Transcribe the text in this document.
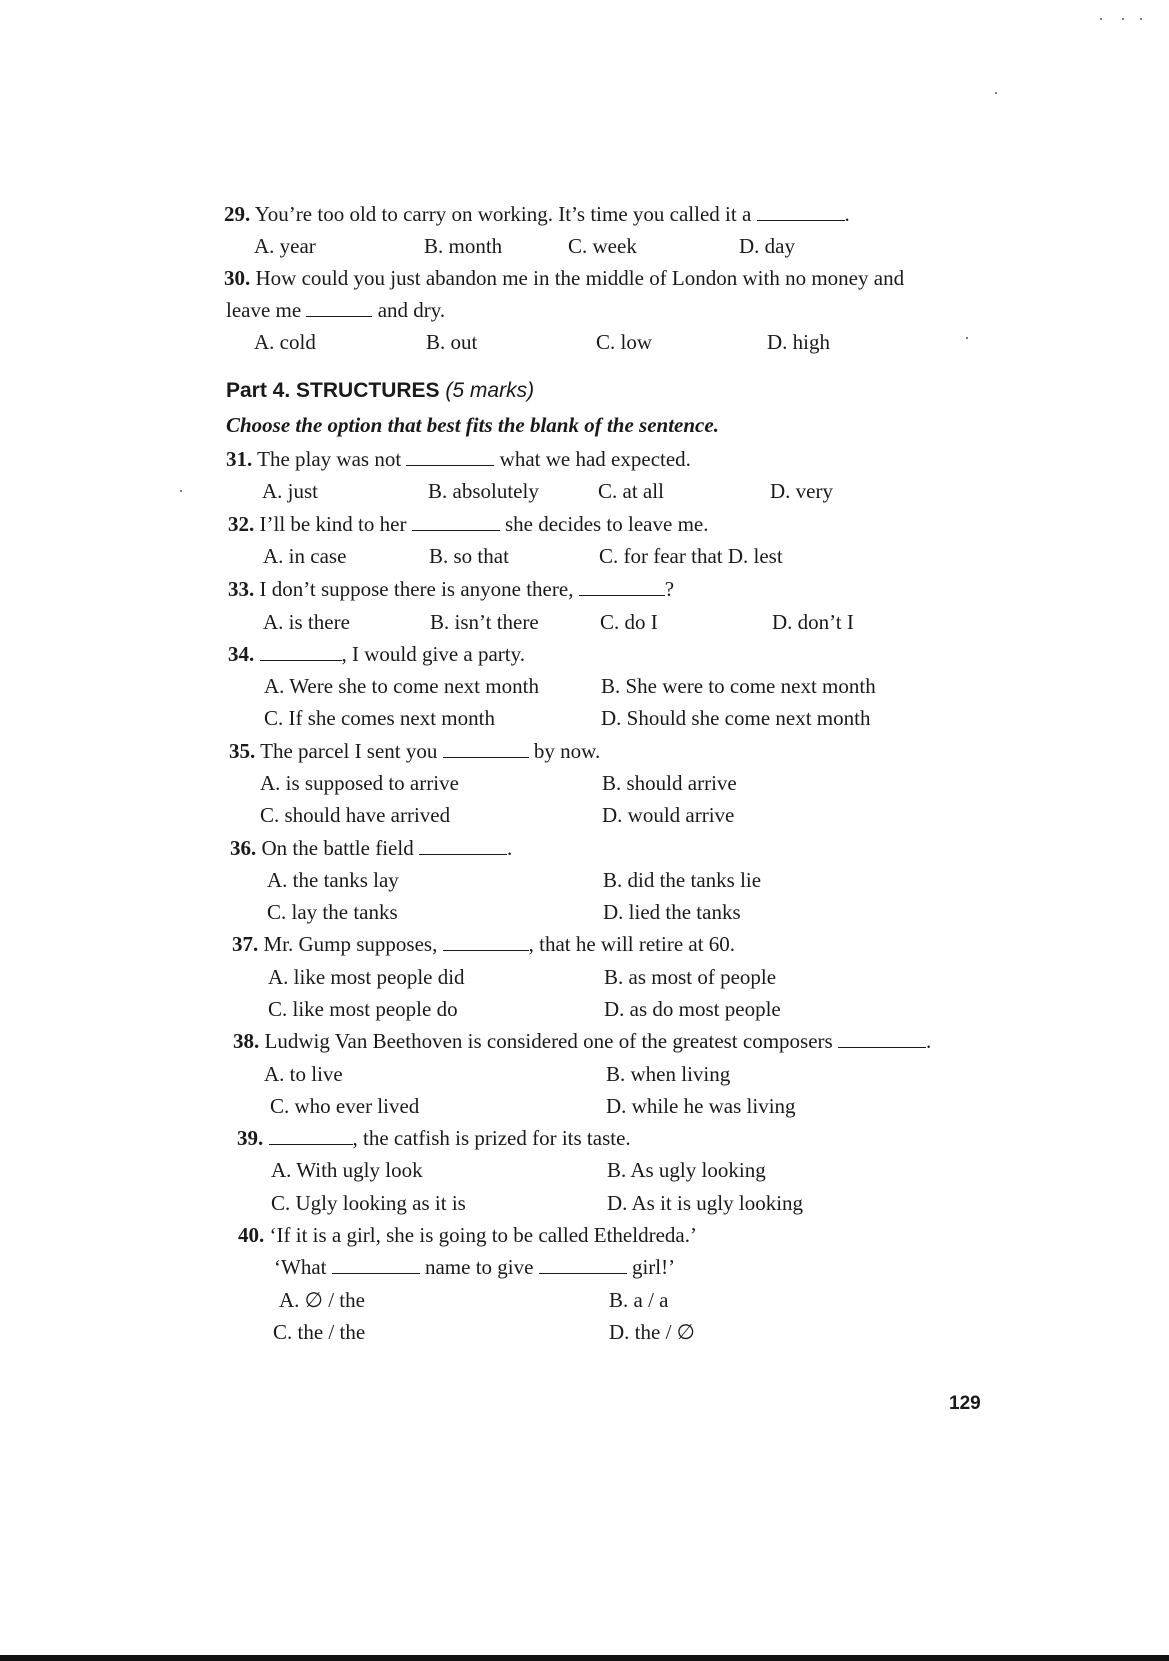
29. You’re too old to carry on working. It’s time you called it a	.
A. year	B. month	C. week	D. day
30. How could you just abandon me in the middle of London with no money and
leave me	and dry.
A. cold	B. out	C. low	D. high
Part 4. STRUCTURES (5 marks)
Choose the option that best fits the blank of the sentence.
31. The play was not	what we had expected.
A. just	B. absolutely	C. at all	D. very
32. I’ll be kind to her	she decides to leave me.
A. in case	B. so that	C. for fear that D. lest
33. I don’t suppose there is anyone there,	?
A. is there	B. isn’t there	C. do I	D. don’t I
34.	, I would give a party.
A. Were she to come next month	B. She were to come next month
C. If she comes next month	D. Should she come next month
35. The parcel I sent you	by now.
A. is supposed to arrive	B. should arrive
C. should have arrived	D. would arrive
36. On the battle field	.
A. the tanks lay	B. did the tanks lie
C. lay the tanks	D. lied the tanks
37. Mr. Gump supposes,	, that he will retire at 60.
A. like most people did	B. as most of people
C. like most people do	D. as do most people
38. Ludwig Van Beethoven is considered one of the greatest composers	.
A. to live	B. when living
C. who ever lived	D. while he was living
39.	, the catfish is prized for its taste.
A. With ugly look	B. As ugly looking
C. Ugly looking as it is	D. As it is ugly looking
40. ‘If it is a girl, she is going to be called Etheldreda.’
‘What	name to give	girl!’
A. ∅ / the	B. a / a
C. the / the	D. the / ∅
129
